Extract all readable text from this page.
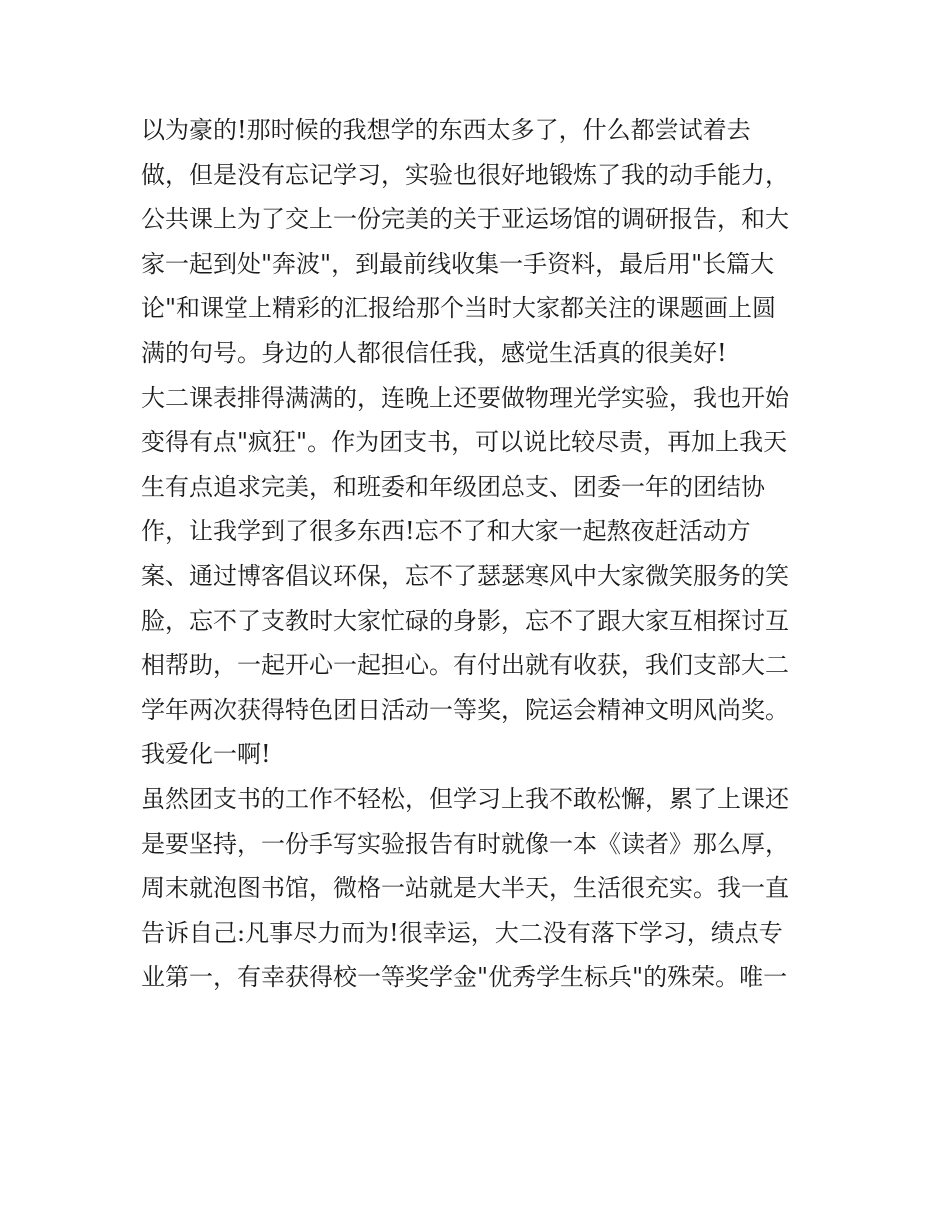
以为豪的!那时候的我想学的东西太多了，什么都尝试着去
做，但是没有忘记学习，实验也很好地锻炼了我的动手能力，
公共课上为了交上一份完美的关于亚运场馆的调研报告，和大
家一起到处"奔波"，到最前线收集一手资料，最后用"长篇大
论"和课堂上精彩的汇报给那个当时大家都关注的课题画上圆
满的句号。身边的人都很信任我，感觉生活真的很美好!
大二课表排得满满的，连晚上还要做物理光学实验，我也开始
变得有点"疯狂"。作为团支书，可以说比较尽责，再加上我天
生有点追求完美，和班委和年级团总支、团委一年的团结协
作，让我学到了很多东西!忘不了和大家一起熬夜赶活动方
案、通过博客倡议环保，忘不了瑟瑟寒风中大家微笑服务的笑
脸，忘不了支教时大家忙碌的身影，忘不了跟大家互相探讨互
相帮助，一起开心一起担心。有付出就有收获，我们支部大二
学年两次获得特色团日活动一等奖，院运会精神文明风尚奖。
我爱化一啊!
虽然团支书的工作不轻松，但学习上我不敢松懈，累了上课还
是要坚持，一份手写实验报告有时就像一本《读者》那么厚，
周末就泡图书馆，微格一站就是大半天，生活很充实。我一直
告诉自己:凡事尽力而为!很幸运，大二没有落下学习，绩点专
业第一，有幸获得校一等奖学金"优秀学生标兵"的殊荣。唯一
